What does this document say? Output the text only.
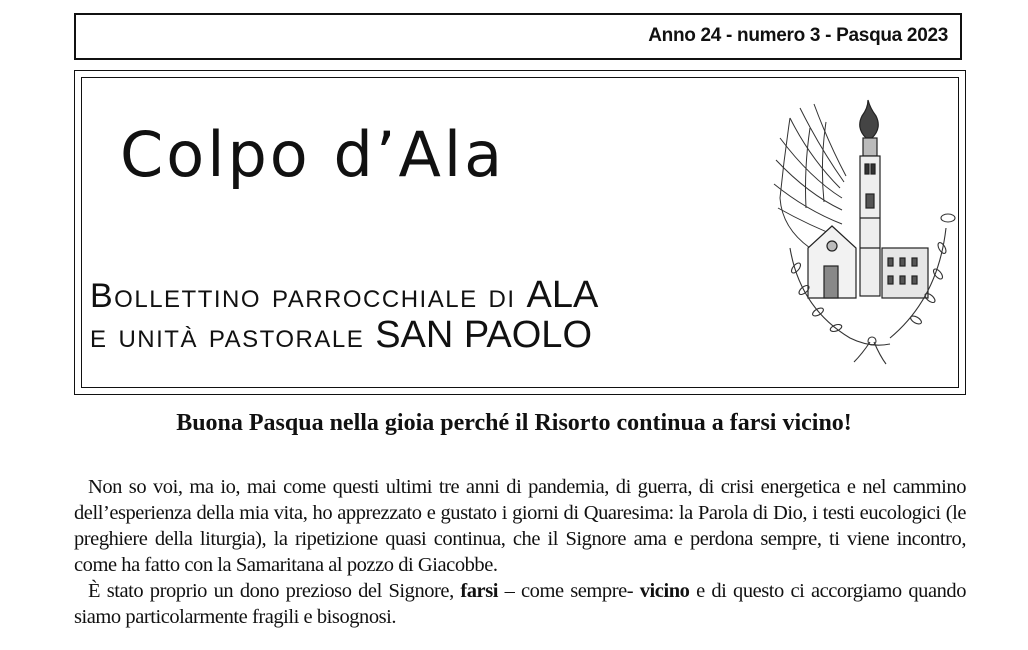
Anno 24 - numero 3 - Pasqua 2023
Colpo d’Ala
Bollettino parrocchiale di ALA
e unità pastorale SAN PAOLO
Buona Pasqua nella gioia perché il Risorto continua a farsi vicino!

Non so voi, ma io, mai come questi ultimi tre anni di pandemia, di guerra, di crisi energetica e nel cammino dell’esperienza della mia vita, ho apprezzato e gustato i giorni di Quaresima: la Parola di Dio, i testi eucologici (le preghiere della liturgia), la ripetizione quasi continua, che il Signore ama e perdona sempre, ti viene incontro, come ha fatto con la Samaritana al pozzo di Giacobbe.

È stato proprio un dono prezioso del Signore, farsi – come sempre- vicino e di questo ci accorgiamo quando siamo particolarmente fragili e bisognosi.
